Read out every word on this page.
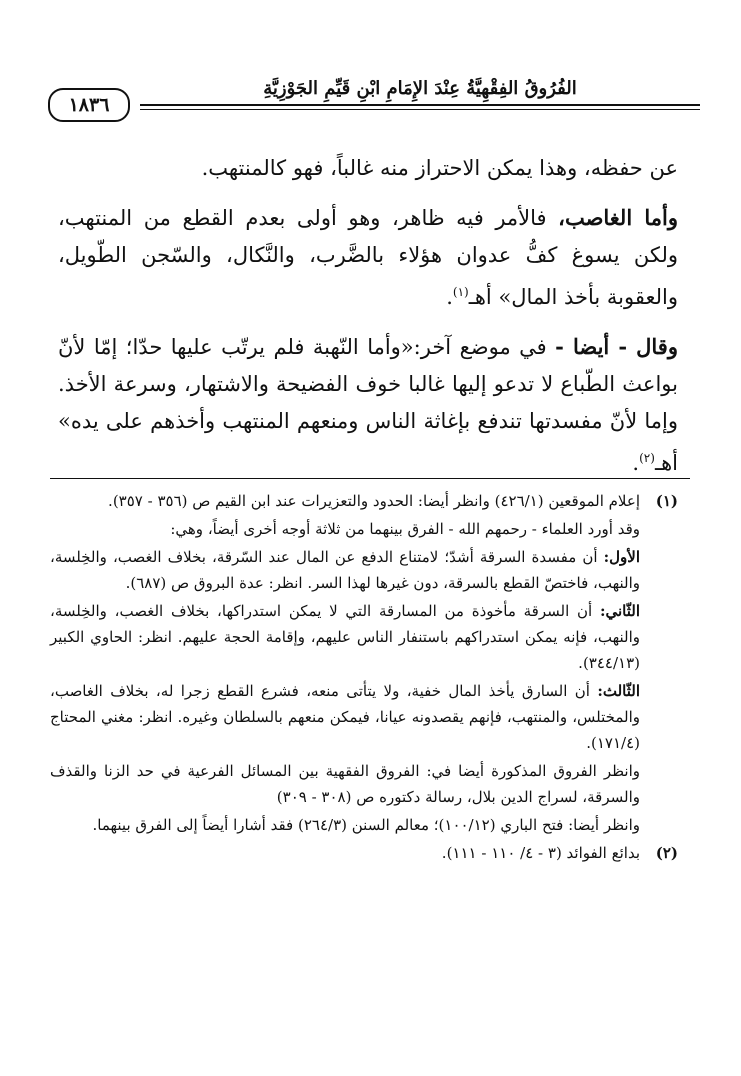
الفُرُوقُ الفِقْهِيَّةُ عِنْدَ الإِمَامِ ابْنِ قَيِّمِ الجَوْزِيَّةِ
١٨٣٦

عن حفظه، وهذا يمكن الاحتراز منه غالباً، فهو كالمنتهب.

وأما الغاصب، فالأمر فيه ظاهر، وهو أولى بعدم القطع من المنتهب، ولكن يسوغ كفُّ عدوان هؤلاء بالضَّرب، والنَّكال، والسّجن الطّويل، والعقوبة بأخذ المال» أهـ$^{(١)}$.

وقال - أيضا - في موضع آخر:«وأما النّهبة فلم يرتّب عليها حدّا؛ إمّا لأنّ بواعث الطّباع لا تدعو إليها غالبا خوف الفضيحة والاشتهار، وسرعة الأخذ. وإما لأنّ مفسدتها تندفع بإغاثة الناس ومنعهم المنتهب وأخذهم على يده» أهـ$^{(٢)}$.

(١)
إعلام الموقعين (٤٢٦/١) وانظر أيضا: الحدود والتعزيرات عند ابن القيم ص (٣٥٦ - ٣٥٧).
وقد أورد العلماء - رحمهم الله - الفرق بينهما من ثلاثة أوجه أخرى أيضاً، وهي:
الأول: أن مفسدة السرقة أشدّ؛ لامتناع الدفع عن المال عند السّرقة، بخلاف الغصب، والخِلسة، والنهب، فاختصّ القطع بالسرقة، دون غيرها لهذا السر. انظر: عدة البروق ص (٦٨٧).
الثّاني: أن السرقة مأخوذة من المسارقة التي لا يمكن استدراكها، بخلاف الغصب، والخِلسة، والنهب، فإنه يمكن استدراكهم باستنفار الناس عليهم، وإقامة الحجة عليهم. انظر: الحاوي الكبير (٣٤٤/١٣).
الثّالث: أن السارق يأخذ المال خفية، ولا يتأتى منعه، فشرع القطع زجرا له، بخلاف الغاصب، والمختلس، والمنتهب، فإنهم يقصدونه عيانا، فيمكن منعهم بالسلطان وغيره. انظر: مغني المحتاج (١٧١/٤).
وانظر الفروق المذكورة أيضا في: الفروق الفقهية بين المسائل الفرعية في حد الزنا والقذف والسرقة، لسراج الدين بلال، رسالة دكتوره ص (٣٠٨ - ٣٠٩)
وانظر أيضا: فتح الباري (١٠٠/١٢)؛ معالم السنن (٢٦٤/٣) فقد أشارا أيضاً إلى الفرق بينهما.
(٢)
بدائع الفوائد (٣ - ٤/ ١١٠ - ١١١).
